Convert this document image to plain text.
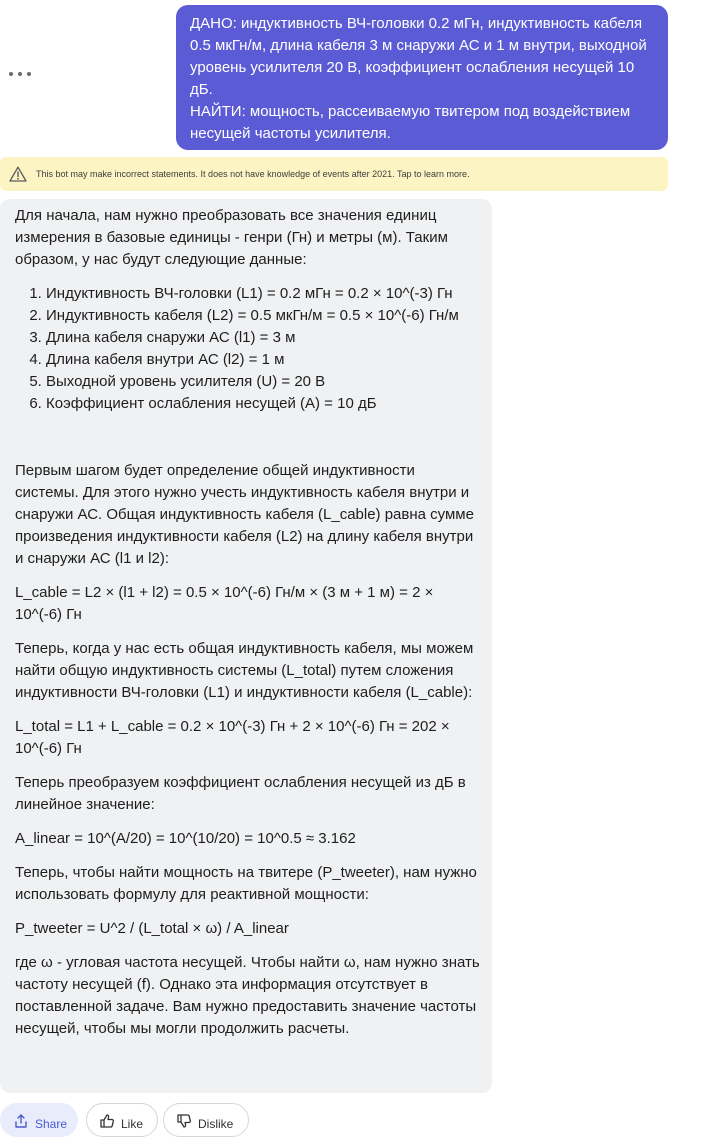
ДАНО: индуктивность ВЧ-головки 0.2 мГн, индуктивность кабеля 0.5 мкГн/м, длина кабеля 3 м снаружи АС и 1 м внутри, выходной уровень усилителя 20 В, коэффициент ослабления несущей 10 дБ.

НАЙТИ: мощность, рассеиваемую твитером под воздействием несущей частоты усилителя.

This bot may make incorrect statements. It does not have knowledge of events after 2021. Tap to learn more.

Для начала, нам нужно преобразовать все значения единиц измерения в базовые единицы - генри (Гн) и метры (м). Таким образом, у нас будут следующие данные:

1. Индуктивность ВЧ-головки (L1) = 0.2 мГн = 0.2 × 10^(-3) Гн
2. Индуктивность кабеля (L2) = 0.5 мкГн/м = 0.5 × 10^(-6) Гн/м
3. Длина кабеля снаружи АС (l1) = 3 м
4. Длина кабеля внутри АС (l2) = 1 м
5. Выходной уровень усилителя (U) = 20 В
6. Коэффициент ослабления несущей (A) = 10 дБ

Первым шагом будет определение общей индуктивности системы. Для этого нужно учесть индуктивность кабеля внутри и снаружи АС. Общая индуктивность кабеля (L_cable) равна сумме произведения индуктивности кабеля (L2) на длину кабеля внутри и снаружи АС (l1 и l2):

L_cable = L2 × (l1 + l2) = 0.5 × 10^(-6) Гн/м × (3 м + 1 м) = 2 × 10^(-6) Гн

Теперь, когда у нас есть общая индуктивность кабеля, мы можем найти общую индуктивность системы (L_total) путем сложения индуктивности ВЧ-головки (L1) и индуктивности кабеля (L_cable):

L_total = L1 + L_cable = 0.2 × 10^(-3) Гн + 2 × 10^(-6) Гн = 202 × 10^(-6) Гн

Теперь преобразуем коэффициент ослабления несущей из дБ в линейное значение:

A_linear = 10^(A/20) = 10^(10/20) = 10^0.5 ≈ 3.162

Теперь, чтобы найти мощность на твитере (P_tweeter), нам нужно использовать формулу для реактивной мощности:

P_tweeter = U^2 / (L_total × ω) / A_linear

где ω - угловая частота несущей. Чтобы найти ω, нам нужно знать частоту несущей (f). Однако эта информация отсутствует в поставленной задаче. Вам нужно предоставить значение частоты несущей, чтобы мы могли продолжить расчеты.

Share	Like	Dislike
